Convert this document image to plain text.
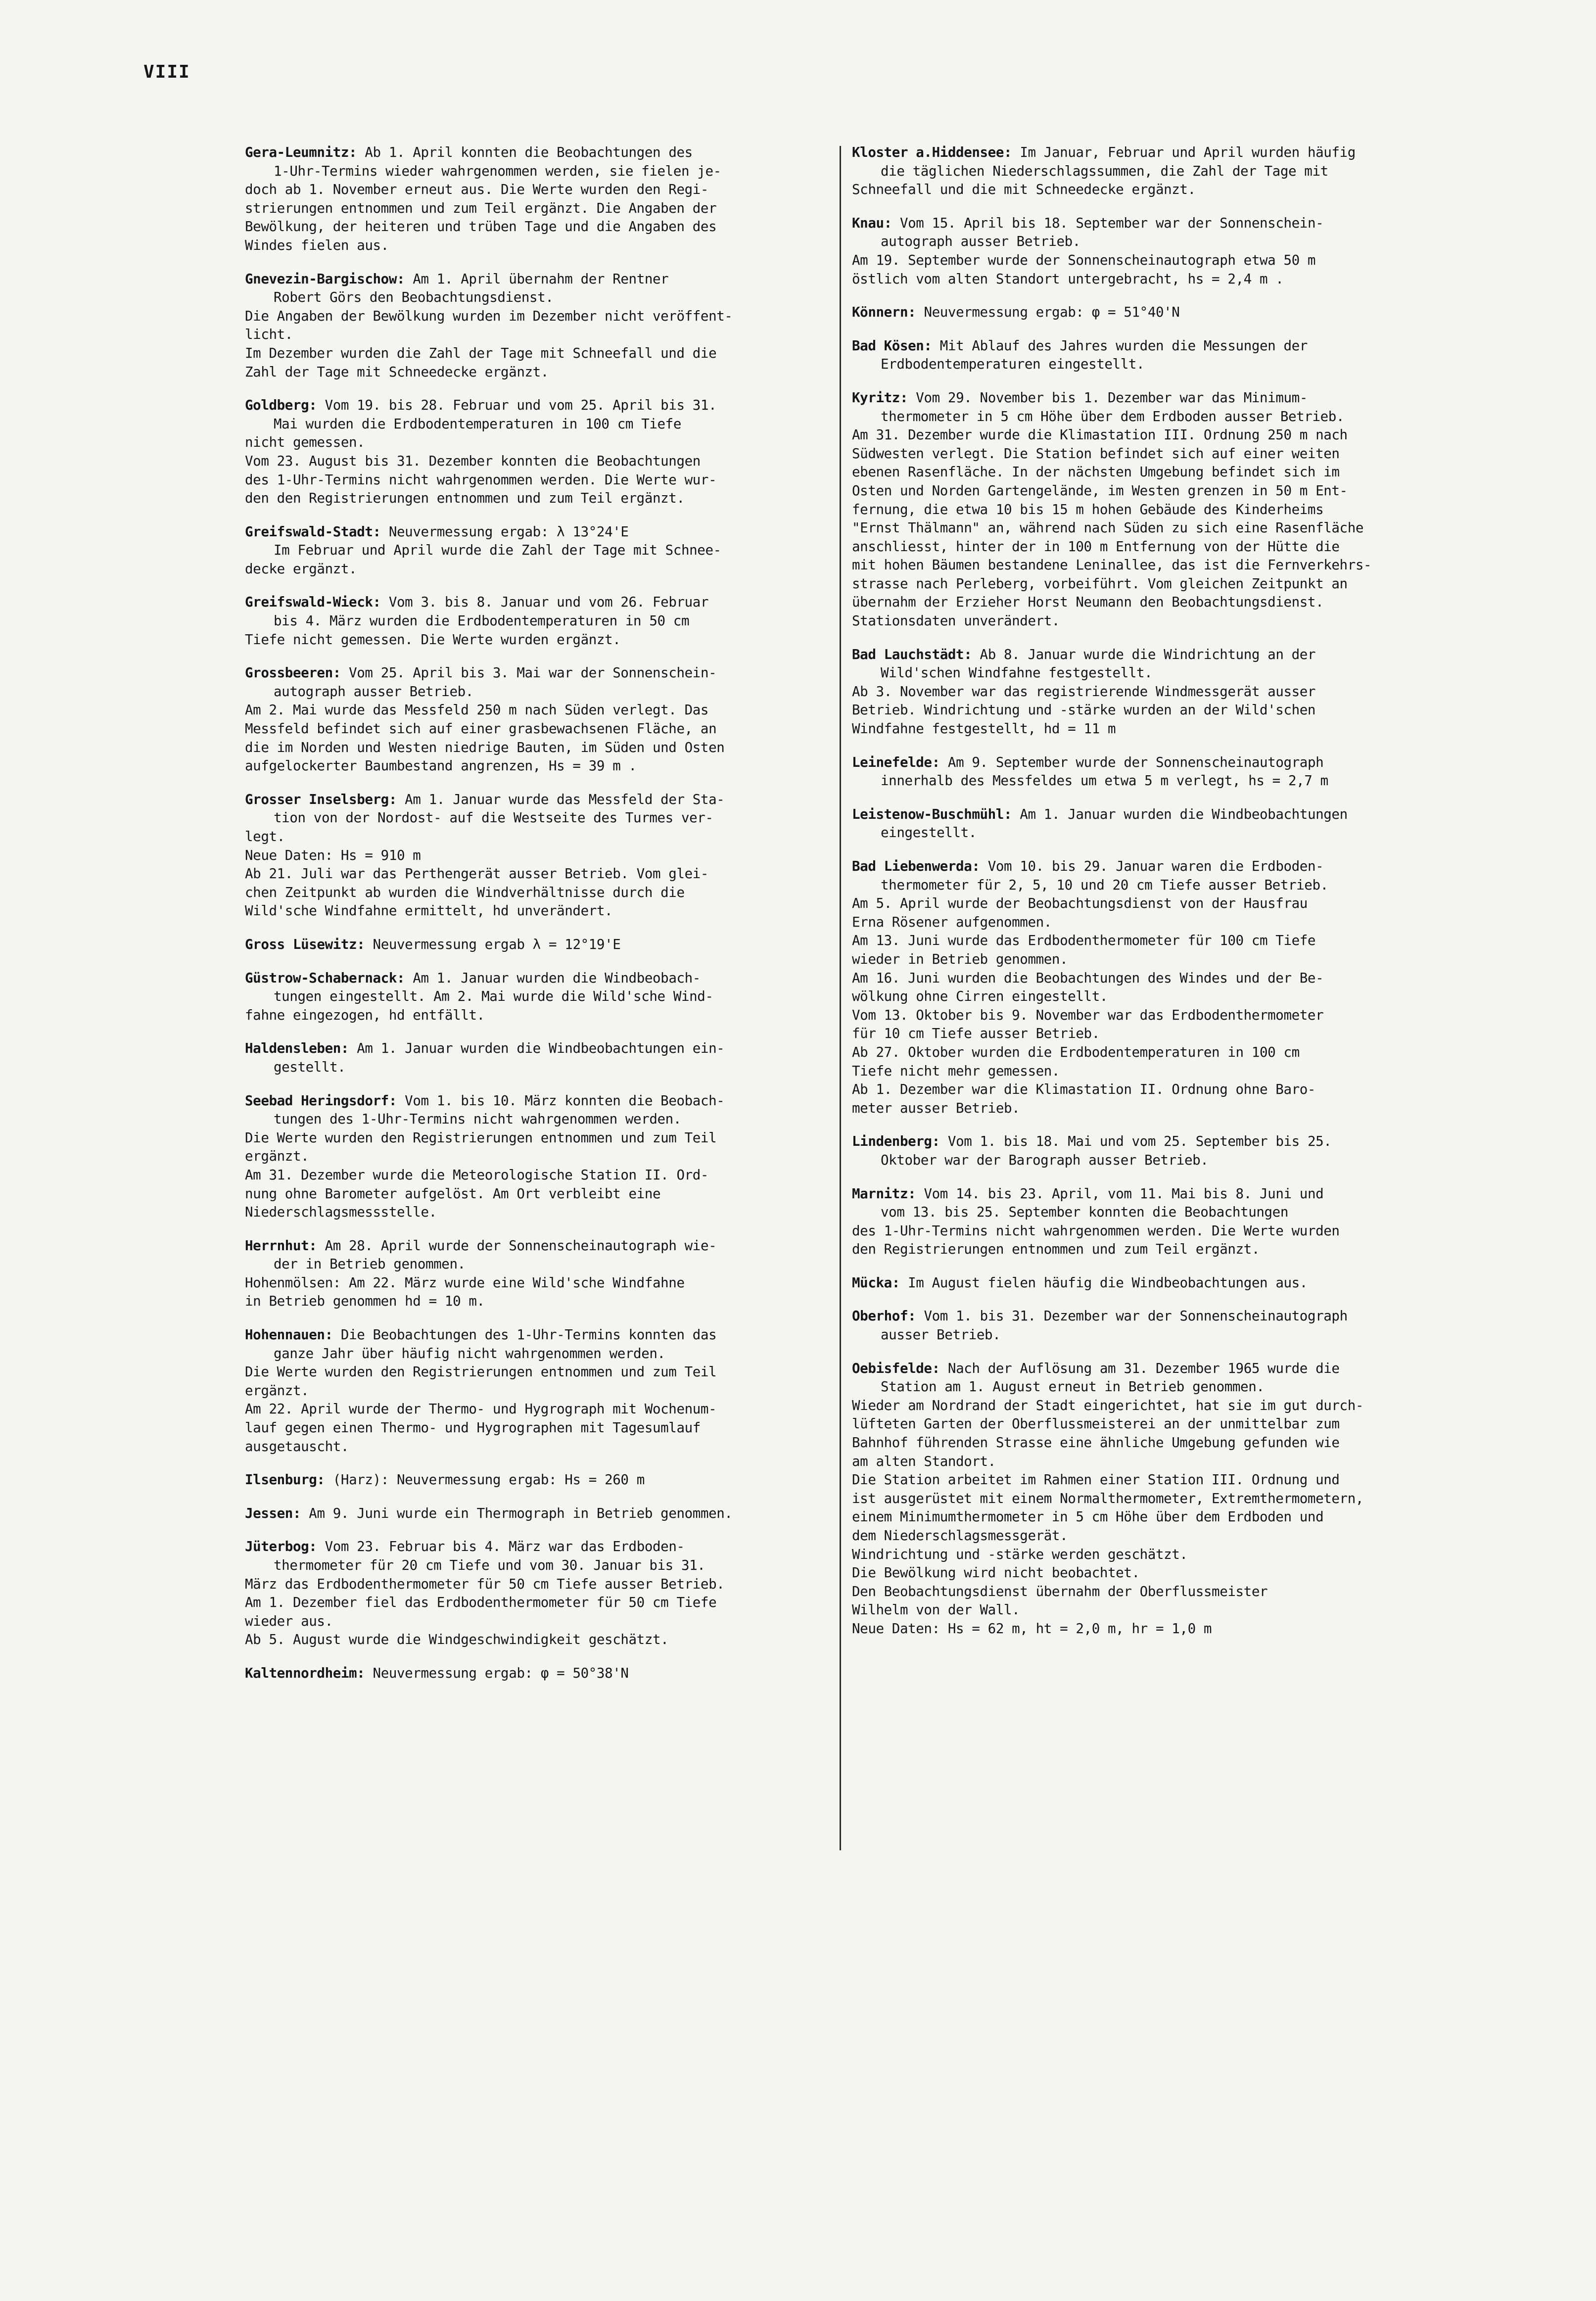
VIII
Gera-Leumnitz: Ab 1. April konnten die Beobachtungen des
1-Uhr-Termins wieder wahrgenommen werden, sie fielen je-
doch ab 1. November erneut aus. Die Werte wurden den Regi-
strierungen entnommen und zum Teil ergänzt. Die Angaben der
Bewölkung, der heiteren und trüben Tage und die Angaben des
Windes fielen aus.
Gnevezin-Bargischow: Am 1. April übernahm der Rentner
Robert Görs den Beobachtungsdienst.
Die Angaben der Bewölkung wurden im Dezember nicht veröffent-
licht.
Im Dezember wurden die Zahl der Tage mit Schneefall und die
Zahl der Tage mit Schneedecke ergänzt.
Goldberg: Vom 19. bis 28. Februar und vom 25. April bis 31.
Mai wurden die Erdbodentemperaturen in 100 cm Tiefe
nicht gemessen.
Vom 23. August bis 31. Dezember konnten die Beobachtungen
des 1-Uhr-Termins nicht wahrgenommen werden. Die Werte wur-
den den Registrierungen entnommen und zum Teil ergänzt.
Greifswald-Stadt: Neuvermessung ergab: λ 13°24'E
Im Februar und April wurde die Zahl der Tage mit Schnee-
decke ergänzt.
Greifswald-Wieck: Vom 3. bis 8. Januar und vom 26. Februar
bis 4. März wurden die Erdbodentemperaturen in 50 cm
Tiefe nicht gemessen. Die Werte wurden ergänzt.
Grossbeeren: Vom 25. April bis 3. Mai war der Sonnenschein-
autograph ausser Betrieb.
Am 2. Mai wurde das Messfeld 250 m nach Süden verlegt. Das
Messfeld befindet sich auf einer grasbewachsenen Fläche, an
die im Norden und Westen niedrige Bauten, im Süden und Osten
aufgelockerter Baumbestand angrenzen, Hs = 39 m .
Grosser Inselsberg: Am 1. Januar wurde das Messfeld der Sta-
tion von der Nordost- auf die Westseite des Turmes ver-
legt.
Neue Daten: Hs = 910 m
Ab 21. Juli war das Perthengerät ausser Betrieb. Vom glei-
chen Zeitpunkt ab wurden die Windverhältnisse durch die
Wild'sche Windfahne ermittelt, hd unverändert.
Gross Lüsewitz: Neuvermessung ergab λ = 12°19'E
Güstrow-Schabernack: Am 1. Januar wurden die Windbeobach-
tungen eingestellt. Am 2. Mai wurde die Wild'sche Wind-
fahne eingezogen, hd entfällt.
Haldensleben: Am 1. Januar wurden die Windbeobachtungen ein-
gestellt.
Seebad Heringsdorf: Vom 1. bis 10. März konnten die Beobach-
tungen des 1-Uhr-Termins nicht wahrgenommen werden.
Die Werte wurden den Registrierungen entnommen und zum Teil
ergänzt.
Am 31. Dezember wurde die Meteorologische Station II. Ord-
nung ohne Barometer aufgelöst. Am Ort verbleibt eine
Niederschlagsmessstelle.
Herrnhut: Am 28. April wurde der Sonnenscheinautograph wie-
der in Betrieb genommen.
Hohenmölsen: Am 22. März wurde eine Wild'sche Windfahne
in Betrieb genommen hd = 10 m.
Hohennauen: Die Beobachtungen des 1-Uhr-Termins konnten das
ganze Jahr über häufig nicht wahrgenommen werden.
Die Werte wurden den Registrierungen entnommen und zum Teil
ergänzt.
Am 22. April wurde der Thermo- und Hygrograph mit Wochenum-
lauf gegen einen Thermo- und Hygrographen mit Tagesumlauf
ausgetauscht.
Ilsenburg: (Harz): Neuvermessung ergab: Hs = 260 m
Jessen: Am 9. Juni wurde ein Thermograph in Betrieb genommen.
Jüterbog: Vom 23. Februar bis 4. März war das Erdboden-
thermometer für 20 cm Tiefe und vom 30. Januar bis 31.
März das Erdbodenthermometer für 50 cm Tiefe ausser Betrieb.
Am 1. Dezember fiel das Erdbodenthermometer für 50 cm Tiefe
wieder aus.
Ab 5. August wurde die Windgeschwindigkeit geschätzt.
Kaltennordheim: Neuvermessung ergab: φ = 50°38'N
Kloster a.Hiddensee: Im Januar, Februar und April wurden häufig
die täglichen Niederschlagssummen, die Zahl der Tage mit
Schneefall und die mit Schneedecke ergänzt.
Knau: Vom 15. April bis 18. September war der Sonnenschein-
autograph ausser Betrieb.
Am 19. September wurde der Sonnenscheinautograph etwa 50 m
östlich vom alten Standort untergebracht, hs = 2,4 m .
Könnern: Neuvermessung ergab: φ = 51°40'N
Bad Kösen: Mit Ablauf des Jahres wurden die Messungen der
Erdbodentemperaturen eingestellt.
Kyritz: Vom 29. November bis 1. Dezember war das Minimum-
thermometer in 5 cm Höhe über dem Erdboden ausser Betrieb.
Am 31. Dezember wurde die Klimastation III. Ordnung 250 m nach
Südwesten verlegt. Die Station befindet sich auf einer weiten
ebenen Rasenfläche. In der nächsten Umgebung befindet sich im
Osten und Norden Gartengelände, im Westen grenzen in 50 m Ent-
fernung, die etwa 10 bis 15 m hohen Gebäude des Kinderheims
"Ernst Thälmann" an, während nach Süden zu sich eine Rasenfläche
anschliesst, hinter der in 100 m Entfernung von der Hütte die
mit hohen Bäumen bestandene Leninallee, das ist die Fernverkehrs-
strasse nach Perleberg, vorbeiführt. Vom gleichen Zeitpunkt an
übernahm der Erzieher Horst Neumann den Beobachtungsdienst.
Stationsdaten unverändert.
Bad Lauchstädt: Ab 8. Januar wurde die Windrichtung an der
Wild'schen Windfahne festgestellt.
Ab 3. November war das registrierende Windmessgerät ausser
Betrieb. Windrichtung und -stärke wurden an der Wild'schen
Windfahne festgestellt, hd = 11 m
Leinefelde: Am 9. September wurde der Sonnenscheinautograph
innerhalb des Messfeldes um etwa 5 m verlegt, hs = 2,7 m
Leistenow-Buschmühl: Am 1. Januar wurden die Windbeobachtungen
eingestellt.
Bad Liebenwerda: Vom 10. bis 29. Januar waren die Erdboden-
thermometer für 2, 5, 10 und 20 cm Tiefe ausser Betrieb.
Am 5. April wurde der Beobachtungsdienst von der Hausfrau
Erna Rösener aufgenommen.
Am 13. Juni wurde das Erdbodenthermometer für 100 cm Tiefe
wieder in Betrieb genommen.
Am 16. Juni wurden die Beobachtungen des Windes und der Be-
wölkung ohne Cirren eingestellt.
Vom 13. Oktober bis 9. November war das Erdbodenthermometer
für 10 cm Tiefe ausser Betrieb.
Ab 27. Oktober wurden die Erdbodentemperaturen in 100 cm
Tiefe nicht mehr gemessen.
Ab 1. Dezember war die Klimastation II. Ordnung ohne Baro-
meter ausser Betrieb.
Lindenberg: Vom 1. bis 18. Mai und vom 25. September bis 25.
Oktober war der Barograph ausser Betrieb.
Marnitz: Vom 14. bis 23. April, vom 11. Mai bis 8. Juni und
vom 13. bis 25. September konnten die Beobachtungen
des 1-Uhr-Termins nicht wahrgenommen werden. Die Werte wurden
den Registrierungen entnommen und zum Teil ergänzt.
Mücka: Im August fielen häufig die Windbeobachtungen aus.
Oberhof: Vom 1. bis 31. Dezember war der Sonnenscheinautograph
ausser Betrieb.
Oebisfelde: Nach der Auflösung am 31. Dezember 1965 wurde die
Station am 1. August erneut in Betrieb genommen.
Wieder am Nordrand der Stadt eingerichtet, hat sie im gut durch-
lüfteten Garten der Oberflussmeisterei an der unmittelbar zum
Bahnhof führenden Strasse eine ähnliche Umgebung gefunden wie
am alten Standort.
Die Station arbeitet im Rahmen einer Station III. Ordnung und
ist ausgerüstet mit einem Normalthermometer, Extremthermometern,
einem Minimumthermometer in 5 cm Höhe über dem Erdboden und
dem Niederschlagsmessgerät.
Windrichtung und -stärke werden geschätzt.
Die Bewölkung wird nicht beobachtet.
Den Beobachtungsdienst übernahm der Oberflussmeister
Wilhelm von der Wall.
Neue Daten: Hs = 62 m, ht = 2,0 m, hr = 1,0 m
